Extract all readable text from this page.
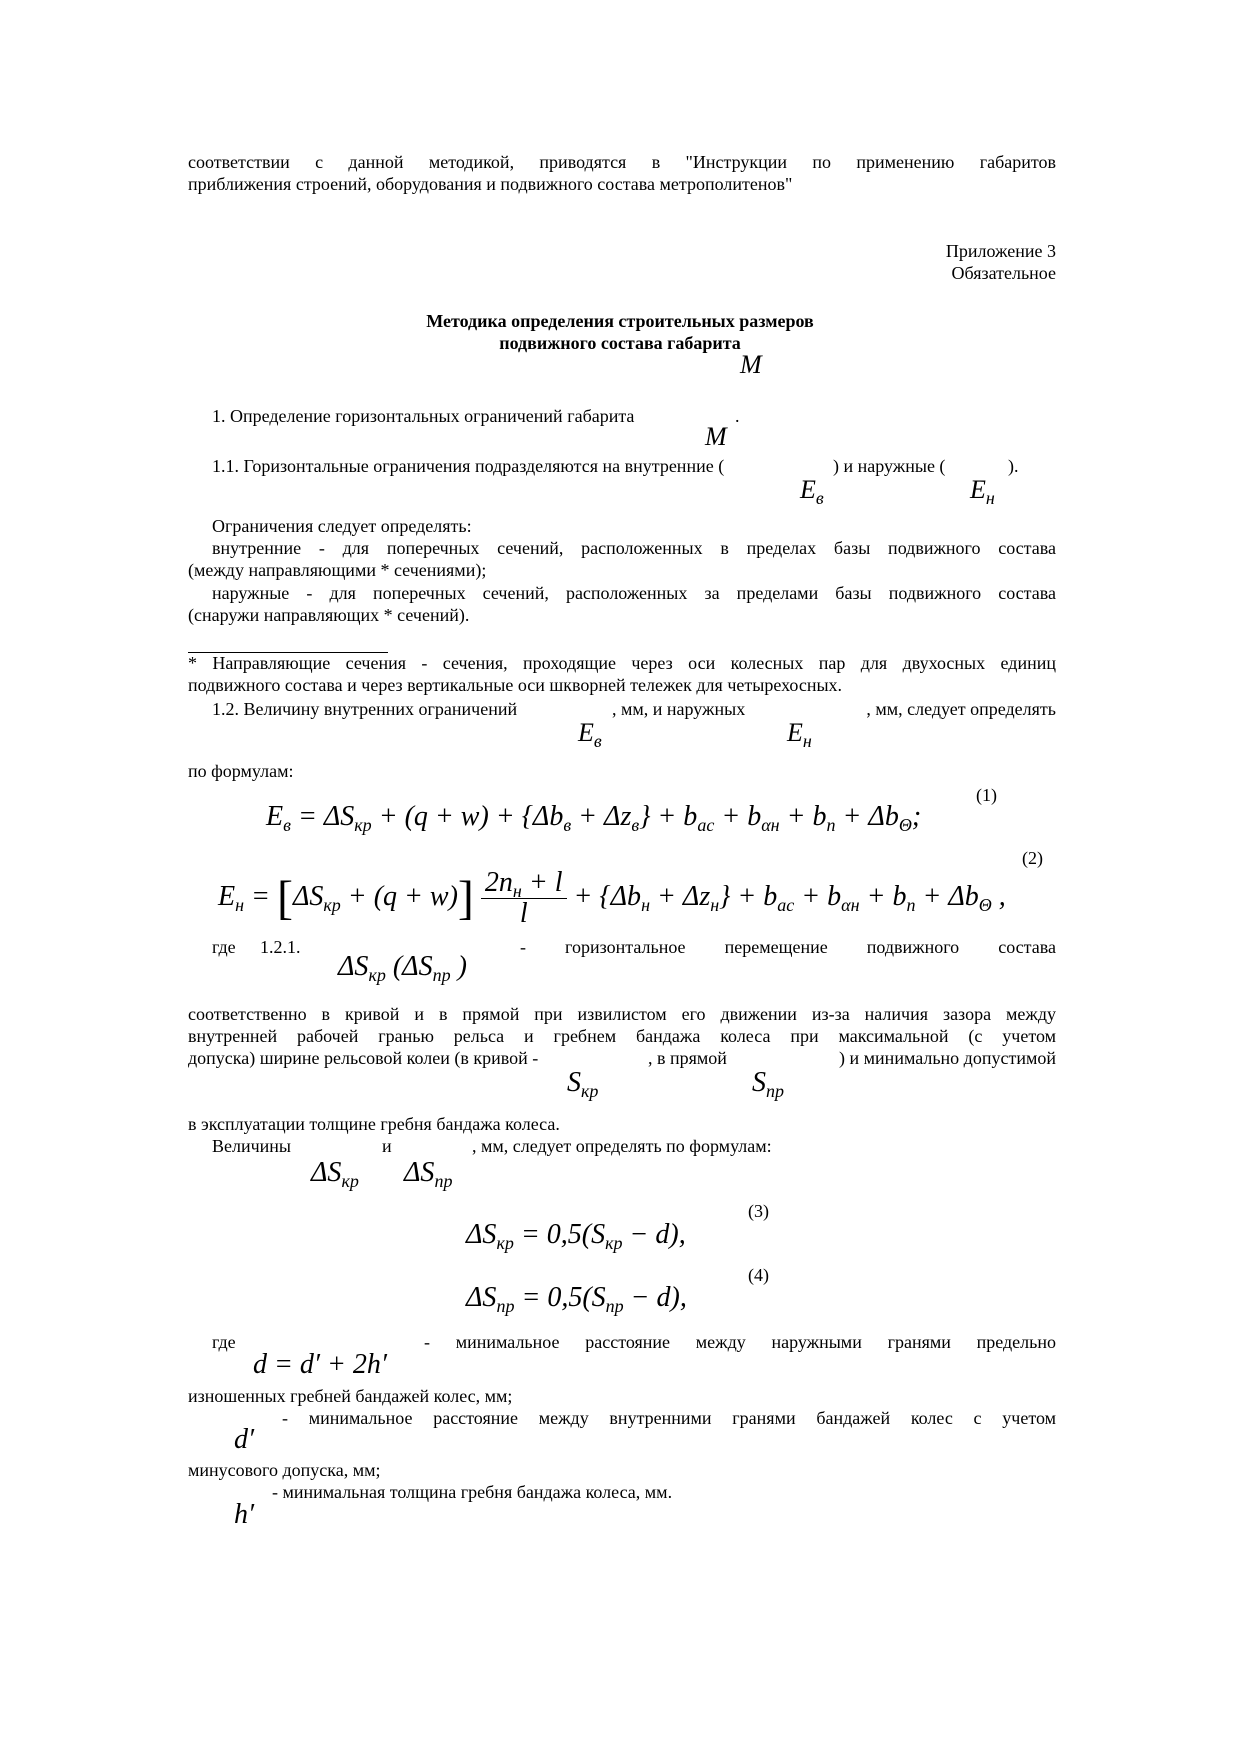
соответствии с данной методикой, приводятся в "Инструкции по применению габаритов
приближения строений, оборудования и подвижного состава метрополитенов"
Приложение 3
Обязательное
Методика определения строительных размеров
подвижного состава габарита
М
1. Определение горизонтальных ограничений габарита	.
М
1.1. Горизонтальные ограничения подразделяются на внутренние (	) и наружные (	).
$E_в$	$E_н$
Ограничения следует определять:
внутренние - для поперечных сечений, расположенных в пределах базы подвижного состава
(между направляющими * сечениями);
наружные - для поперечных сечений, расположенных за пределами базы подвижного состава
(снаружи направляющих * сечений).
* Направляющие сечения - сечения, проходящие через оси колесных пар для двухосных единиц
подвижного состава и через вертикальные оси шкворней тележек для четырехосных.
1.2. Величину внутренних ограничений	, мм, и наружных	, мм, следует определять
$E_в$	$E_н$
по формулам:
(1)
$E_в = \Delta S_{кр} + (q + w) + \{\Delta b_в + \Delta z_в\} + b_{ас} + b_{\alpha н} + b_п + \Delta b_\Theta$;
(2)
$E_н = [\Delta S_{кр} + (q + w)] \frac{2n_н + l}{l} + \{\Delta b_н + \Delta z_н\} + b_{ас} + b_{\alpha н} + b_п + \Delta b_\Theta$ ,
где	1.2.1.	- горизонтальное перемещение подвижного состава
$\Delta S_{кр}$ ($\Delta S_{пр}$ )
соответственно в кривой и в прямой при извилистом его движении из-за наличия зазора между
внутренней рабочей гранью рельса и гребнем бандажа колеса при максимальной (с учетом
допуска) ширине рельсовой колеи (в кривой -	, в прямой	) и минимально допустимой
$S_{кр}$	$S_{пр}$
в эксплуатации толщине гребня бандажа колеса.
Величины	и	, мм, следует определять по формулам:
$\Delta S_{кр}$ $\Delta S_{пр}$
(3)
$\Delta S_{кр} = 0,5(S_{кр} - d)$,
(4)
$\Delta S_{пр} = 0,5(S_{пр} - d)$,
где	- минимальное расстояние между наружными гранями предельно
d = d′ + 2h′
изношенных гребней бандажей колес, мм;
- минимальное расстояние между внутренними гранями бандажей колес с учетом
d′
минусового допуска, мм;
- минимальная толщина гребня бандажа колеса, мм.
h′
